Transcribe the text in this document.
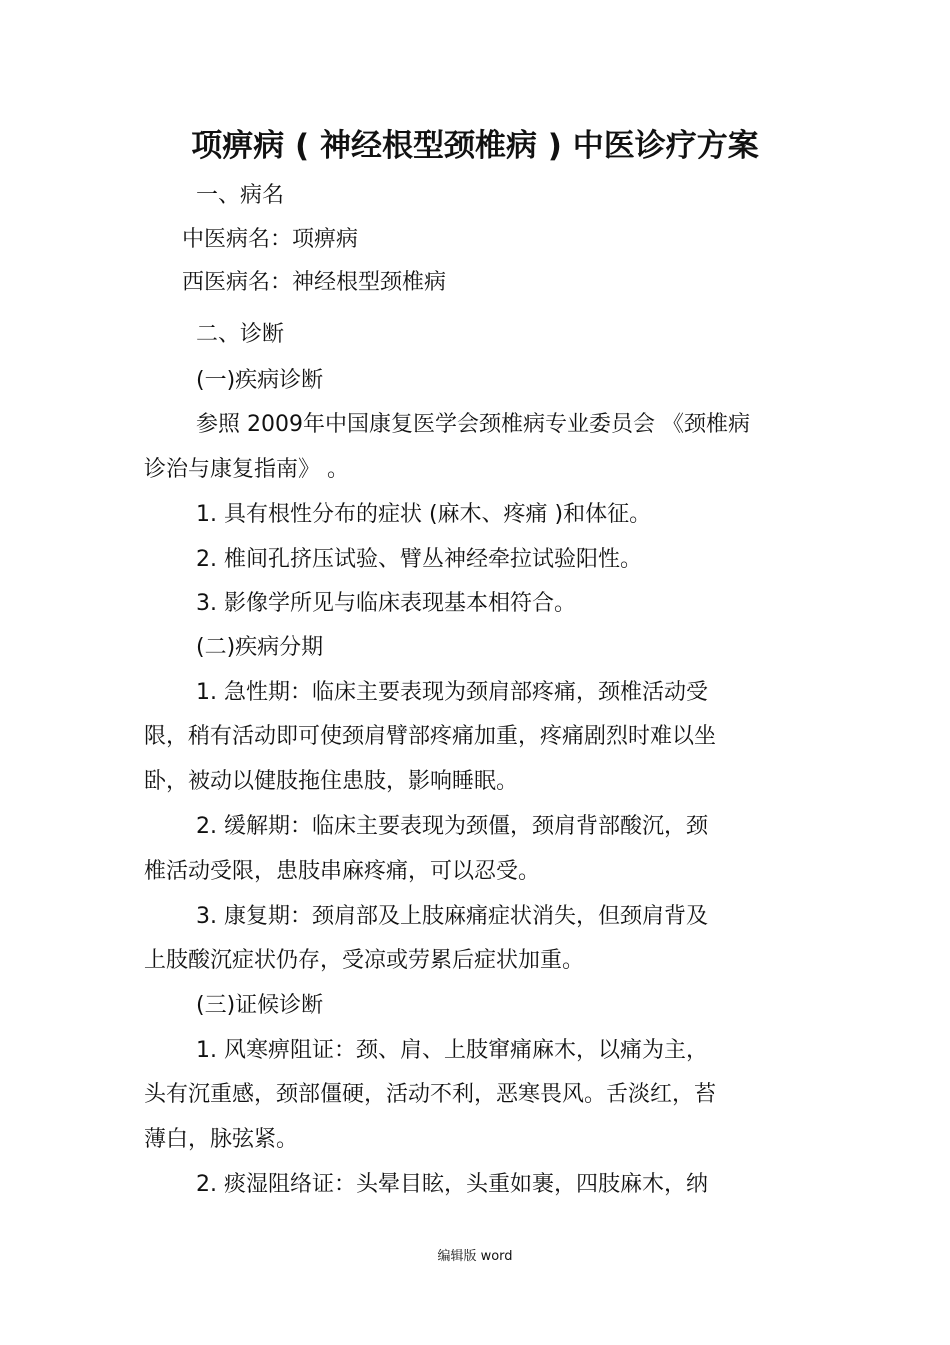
项痹病 ( 神经根型颈椎病 ) 中医诊疗方案

一、病名

中医病名：项痹病

西医病名：神经根型颈椎病

二、诊断

(一)疾病诊断

参照 2009年中国康复医学会颈椎病专业委员会 《颈椎病

诊治与康复指南》 。

1. 具有根性分布的症状 (麻木、疼痛 )和体征。

2. 椎间孔挤压试验、臂丛神经牵拉试验阳性。

3. 影像学所见与临床表现基本相符合。

(二)疾病分期

1. 急性期：临床主要表现为颈肩部疼痛，颈椎活动受

限，稍有活动即可使颈肩臂部疼痛加重，疼痛剧烈时难以坐

卧，被动以健肢拖住患肢，影响睡眠。

2. 缓解期：临床主要表现为颈僵，颈肩背部酸沉，颈

椎活动受限，患肢串麻疼痛，可以忍受。

3. 康复期：颈肩部及上肢麻痛症状消失，但颈肩背及

上肢酸沉症状仍存，受凉或劳累后症状加重。

(三)证候诊断

1. 风寒痹阻证：颈、肩、上肢窜痛麻木，以痛为主，

头有沉重感，颈部僵硬，活动不利，恶寒畏风。舌淡红，苔

薄白，脉弦紧。

2. 痰湿阻络证：头晕目眩，头重如裹，四肢麻木，纳

编辑版 word
